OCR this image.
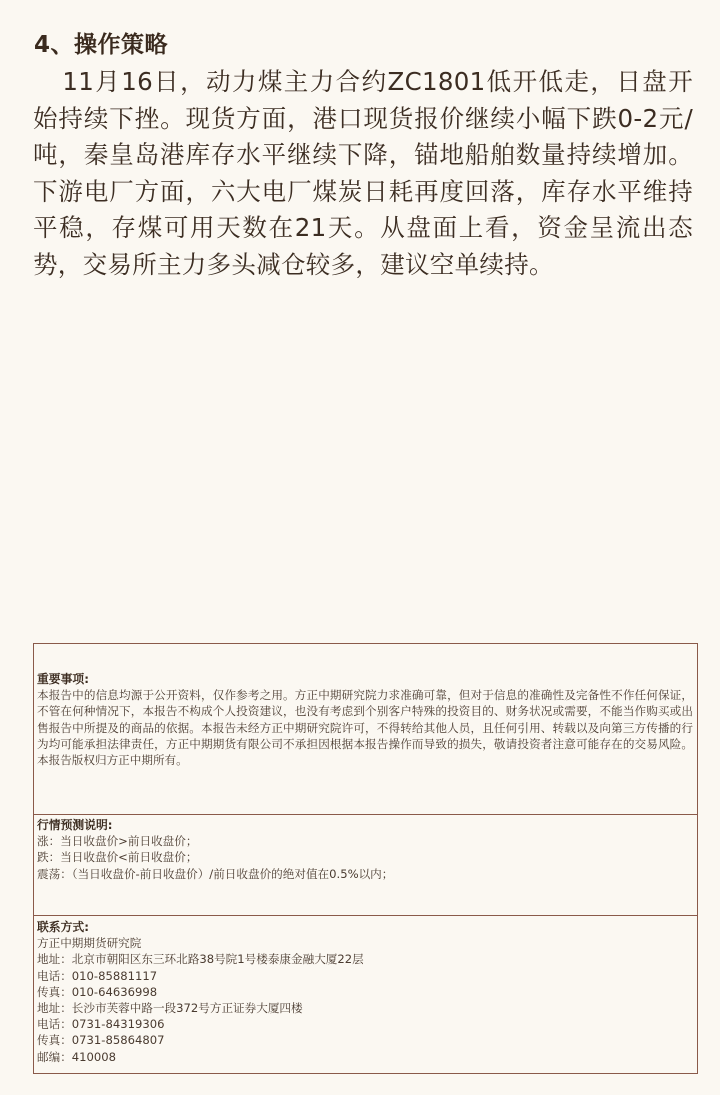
4、操作策略

11月16日，动力煤主力合约ZC1801低开低走，日盘开始持续下挫。现货方面，港口现货报价继续小幅下跌0-2元/吨，秦皇岛港库存水平继续下降，锚地船舶数量持续增加。下游电厂方面，六大电厂煤炭日耗再度回落，库存水平维持平稳，存煤可用天数在21天。从盘面上看，资金呈流出态势，交易所主力多头减仓较多，建议空单续持。

重要事项:

本报告中的信息均源于公开资料，仅作参考之用。方正中期研究院力求准确可靠，但对于信息的准确性及完备性不作任何保证，不管在何种情况下，本报告不构成个人投资建议，也没有考虑到个别客户特殊的投资目的、财务状况或需要，不能当作购买或出售报告中所提及的商品的依据。本报告未经方正中期研究院许可，不得转给其他人员，且任何引用、转载以及向第三方传播的行为均可能承担法律责任，方正中期期货有限公司不承担因根据本报告操作而导致的损失，敬请投资者注意可能存在的交易风险。本报告版权归方正中期所有。

行情预测说明:
涨：当日收盘价>前日收盘价；
跌：当日收盘价<前日收盘价；
震荡：（当日收盘价-前日收盘价）/前日收盘价的绝对值在0.5%以内；
联系方式:
方正中期期货研究院
地址：北京市朝阳区东三环北路38号院1号楼泰康金融大厦22层
电话：010-85881117
传真：010-64636998
地址：长沙市芙蓉中路一段372号方正证券大厦四楼
电话：0731-84319306
传真：0731-85864807
邮编：410008
